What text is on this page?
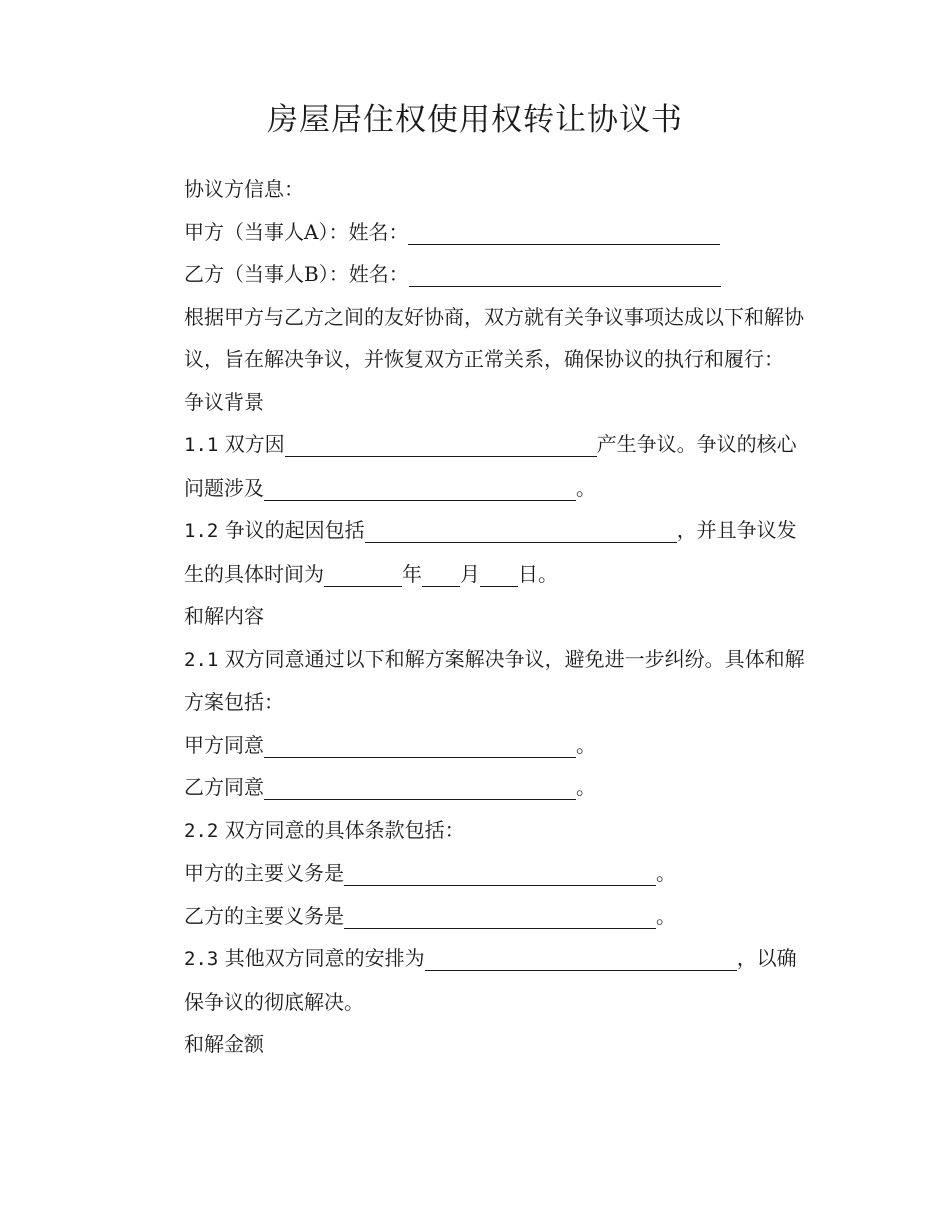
房屋居住权使用权转让协议书

协议方信息：

甲方（当事人A）：姓名：

乙方（当事人B）：姓名：

根据甲方与乙方之间的友好协商，双方就有关争议事项达成以下和解协议，旨在解决争议，并恢复双方正常关系，确保协议的执行和履行：

争议背景

1.1 双方因	产生争议。争议的核心问题涉及	。

1.2 争议的起因包括	，并且争议发生的具体时间为	年 月 日。

和解内容

2.1 双方同意通过以下和解方案解决争议，避免进一步纠纷。具体和解方案包括：

甲方同意	。

乙方同意	。

2.2 双方同意的具体条款包括：

甲方的主要义务是	。

乙方的主要义务是	。

2.3 其他双方同意的安排为	，以确保争议的彻底解决。

和解金额
